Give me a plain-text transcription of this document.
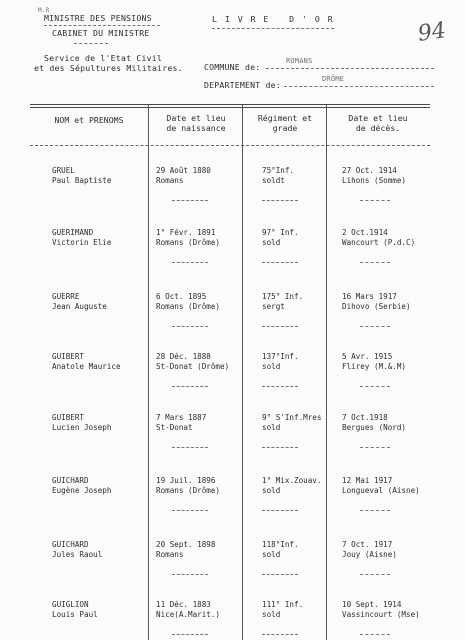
M.R
MINISTRE DES PENSIONS
CABINET DU MINISTRE
Service de l'Etat Civil
et des Sépultures Militaires.
L I V R E   D ' O R	94
COMMUNE de:
ROMANS
DEPARTEMENT de:
DRÔME
NOM et PRENOMS	Date et lieu
de naissance
Régiment et
grade
Date et lieu
de décès.
GRUEL
Paul Baptiste
29 Août 1880
Romans
75°Inf.
soldt
27 Oct. 1914
Lihons (Somme)
GUERIMAND
Victorin Elie
1° Févr. 1891
Romans (Drôme)
97° Inf.
sold
2 Oct.1914
Wancourt (P.d.C)
GUERRE
Jean Auguste
6 Oct. 1895
Romans (Drôme)
175° Inf.
sergt
16 Mars 1917
Dihovo (Serbie)
GUIBERT
Anatole Maurice
28 Déc. 1888
St-Donat (Drôme)
137°Inf.
sold
5 Avr. 1915
Flirey (M.&.M)
GUIBERT
Lucien Joseph
7 Mars 1887
St-Donat
9° S'Inf.Mres
sold
7 Oct.1918
Bergues (Nord)
GUICHARD
Eugène Joseph
19 Juil. 1896
Romans (Drôme)
1° Mix.Zouav.
sold
12 Mai 1917
Longueval (Aisne)
GUICHARD
Jules Raoul
20 Sept. 1898
Romans
118°Inf.
sold
7 Oct. 1917
Jouy (Aisne)
GUIGLION
Louis Paul
11 Déc. 1883
Nice(A.Marit.)
111° Inf.
sold
10 Sept. 1914
Vassincourt (Mse)
